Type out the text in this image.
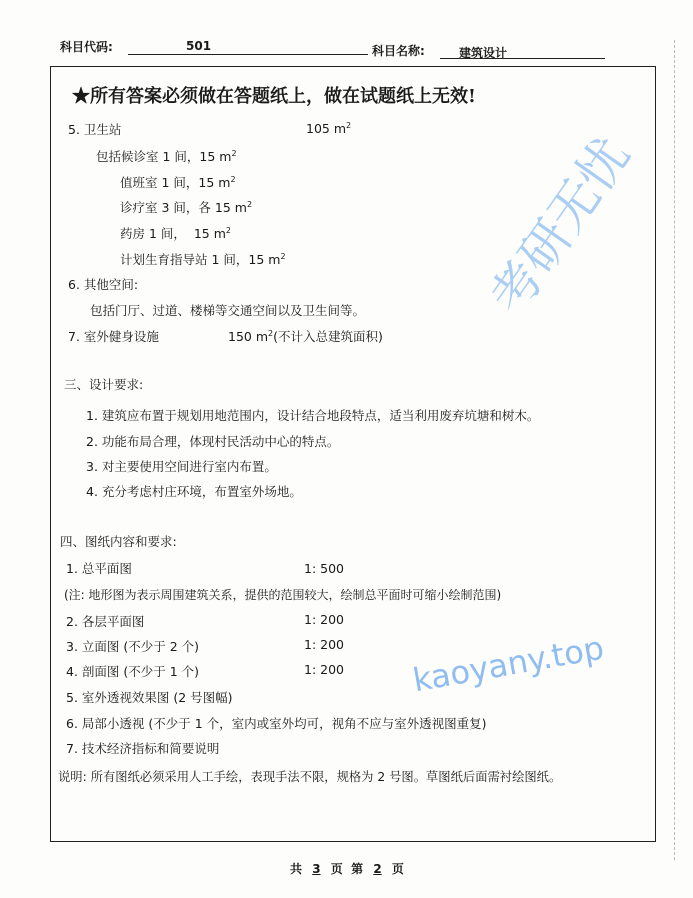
科目代码:	501	科目名称:	建筑设计
考研无忧
kaoyany.top
★所有答案必须做在答题纸上，做在试题纸上无效!
5. 卫生站	105 $m^2$
包括候诊室 1 间，15 $m^2$
值班室 1 间，15 $m^2$
诊疗室 3 间，各 15 $m^2$
药房 1 间，  15 $m^2$
计划生育指导站 1 间，15 $m^2$
6. 其他空间:
包括门厅、过道、楼梯等交通空间以及卫生间等。
7. 室外健身设施	150 $m^2$(不计入总建筑面积)
三、设计要求:
1. 建筑应布置于规划用地范围内，设计结合地段特点，适当利用废弃坑塘和树木。
2. 功能布局合理，体现村民活动中心的特点。
3. 对主要使用空间进行室内布置。
4. 充分考虑村庄环境，布置室外场地。
四、图纸内容和要求:
1. 总平面图	1: 500
(注: 地形图为表示周围建筑关系，提供的范围较大，绘制总平面时可缩小绘制范围)
2. 各层平面图	1: 200
3. 立面图 (不少于 2 个)	1: 200
4. 剖面图 (不少于 1 个)	1: 200
5. 室外透视效果图 (2 号图幅)
6. 局部小透视 (不少于 1 个，室内或室外均可，视角不应与室外透视图重复)
7. 技术经济指标和简要说明
说明: 所有图纸必须采用人工手绘，表现手法不限，规格为 2 号图。草图纸后面需衬绘图纸。
共 3 页 第 2 页
